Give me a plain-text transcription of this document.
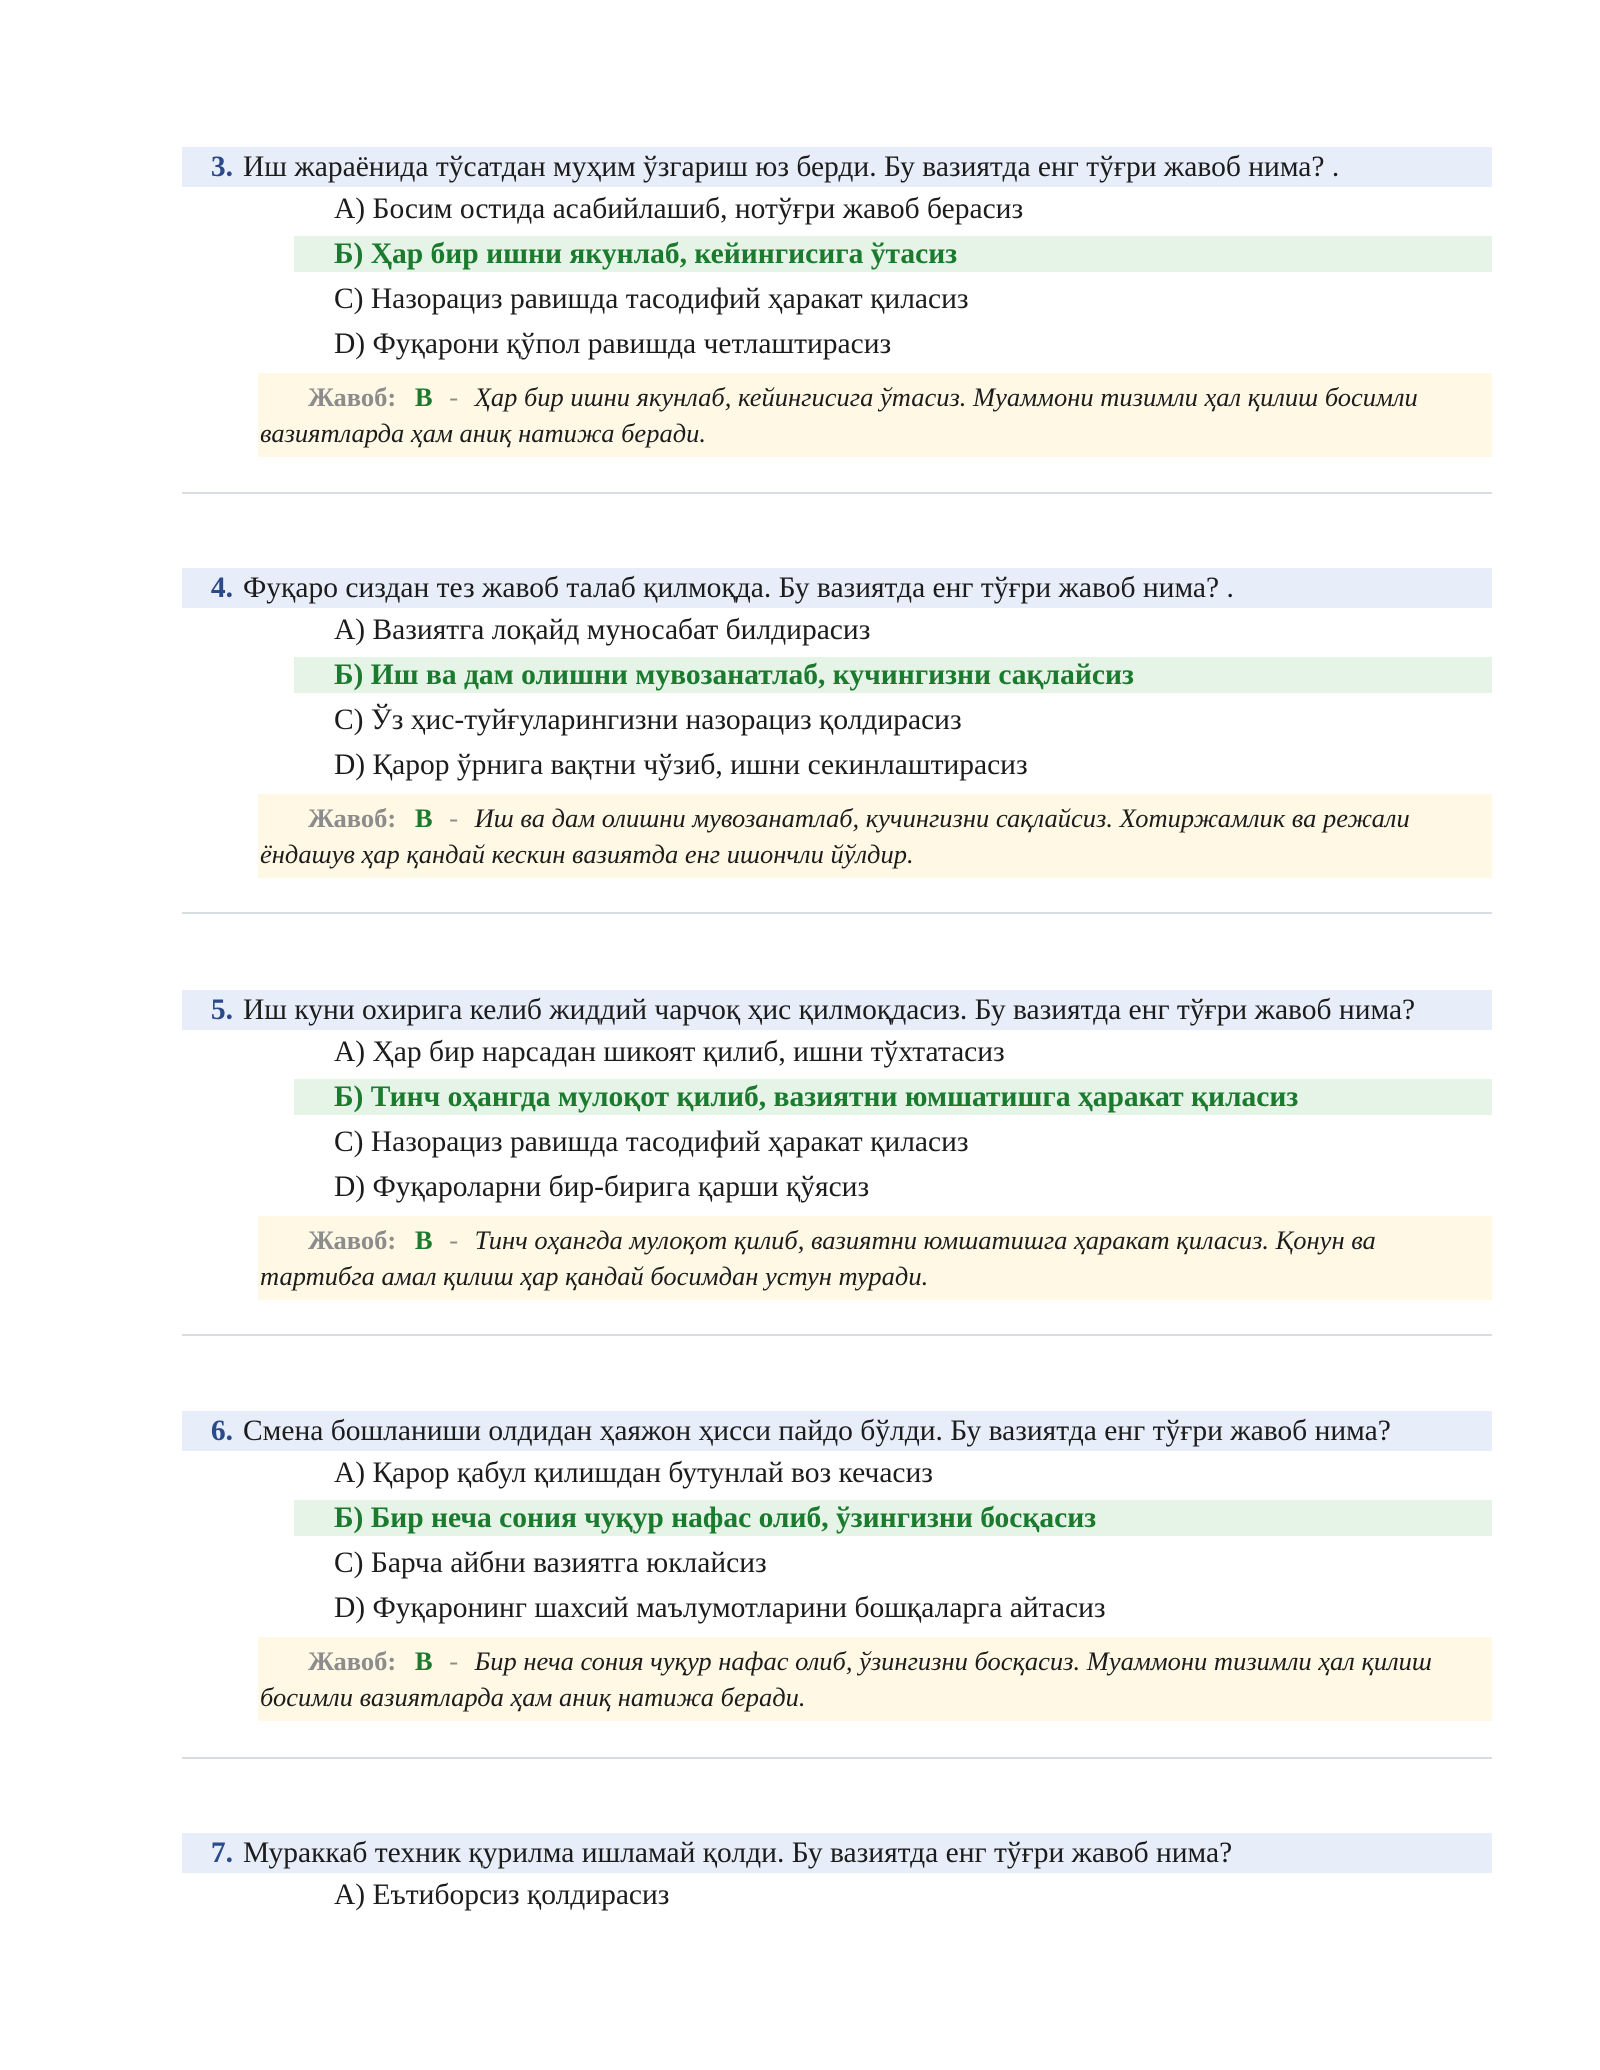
3. Иш жараёнида тўсатдан муҳим ўзгариш юз берди. Бу вазиятда енг тўғри жавоб нима? .
A) Босим остида асабийлашиб, нотўғри жавоб берасиз
Б) Ҳар бир ишни якунлаб, кейингисига ўтасиз
C) Назорациз равишда тасодифий ҳаракат қиласиз
D) Фуқарони қўпол равишда четлаштирасиз
Жавоб: B - Ҳар бир ишни якунлаб, кейингисига ўтасиз. Муаммони тизимли ҳал қилиш босимли вазиятларда ҳам аниқ натижа беради.
4. Фуқаро сиздан тез жавоб талаб қилмоқда. Бу вазиятда енг тўғри жавоб нима? .
A) Вазиятга лоқайд муносабат билдирасиз
Б) Иш ва дам олишни мувозанатлаб, кучингизни сақлайсиз
C) Ўз ҳис-туйғуларингизни назорациз қолдирасиз
D) Қарор ўрнига вақтни чўзиб, ишни секинлаштирасиз
Жавоб: B - Иш ва дам олишни мувозанатлаб, кучингизни сақлайсиз. Хотиржамлик ва режали ёндашув ҳар қандай кескин вазиятда енг ишончли йўлдир.
5. Иш куни охирига келиб жиддий чарчоқ ҳис қилмоқдасиз. Бу вазиятда енг тўғри жавоб нима?
A) Ҳар бир нарсадан шикоят қилиб, ишни тўхтатасиз
Б) Тинч оҳангда мулоқот қилиб, вазиятни юмшатишга ҳаракат қиласиз
C) Назорациз равишда тасодифий ҳаракат қиласиз
D) Фуқароларни бир-бирига қарши қўясиз
Жавоб: B - Тинч оҳангда мулоқот қилиб, вазиятни юмшатишга ҳаракат қиласиз. Қонун ва тартибга амал қилиш ҳар қандай босимдан устун туради.
6. Смена бошланиши олдидан ҳаяжон ҳисси пайдо бўлди. Бу вазиятда енг тўғри жавоб нима?
A) Қарор қабул қилишдан бутунлай воз кечасиз
Б) Бир неча сония чуқур нафас олиб, ўзингизни босқасиз
C) Барча айбни вазиятга юклайсиз
D) Фуқаронинг шахсий маълумотларини бошқаларга айтасиз
Жавоб: B - Бир неча сония чуқур нафас олиб, ўзингизни босқасиз. Муаммони тизимли ҳал қилиш босимли вазиятларда ҳам аниқ натижа беради.
7. Мураккаб техник қурилма ишламай қолди. Бу вазиятда енг тўғри жавоб нима?
A) Еътиборсиз қолдирасиз
